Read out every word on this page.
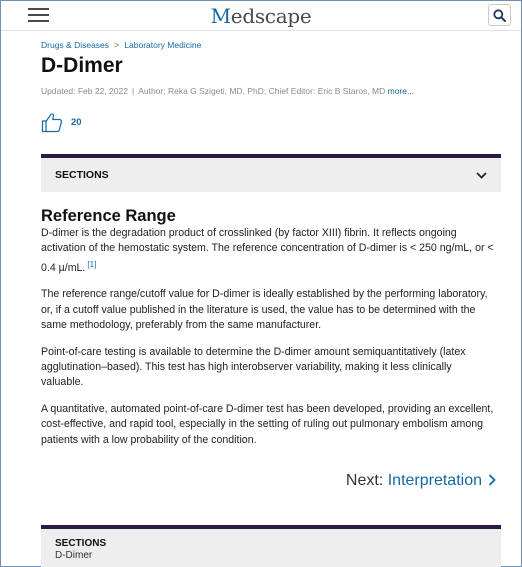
Medscape
Drugs & Diseases > Laboratory Medicine
D-Dimer
Updated: Feb 22, 2022 | Author: Reka G Szigeti, MD, PhD; Chief Editor: Eric B Staros, MD more...
20
SECTIONS
Reference Range

D-dimer is the degradation product of crosslinked (by factor XIII) fibrin. It reflects ongoing activation of the hemostatic system. The reference concentration of D-dimer is < 250 ng/mL, or < 0.4 µ/mL. [1]

The reference range/cutoff value for D-dimer is ideally established by the performing laboratory, or, if a cutoff value published in the literature is used, the value has to be determined with the same methodology, preferably from the same manufacturer.

Point-of-care testing is available to determine the D-dimer amount semiquantitatively (latex agglutination–based). This test has high interobserver variability, making it less clinically valuable.

A quantitative, automated point-of-care D-dimer test has been developed, providing an excellent, cost-effective, and rapid tool, especially in the setting of ruling out pulmonary embolism among patients with a low probability of the condition.

Next: Interpretation
SECTIONS
D-Dimer
